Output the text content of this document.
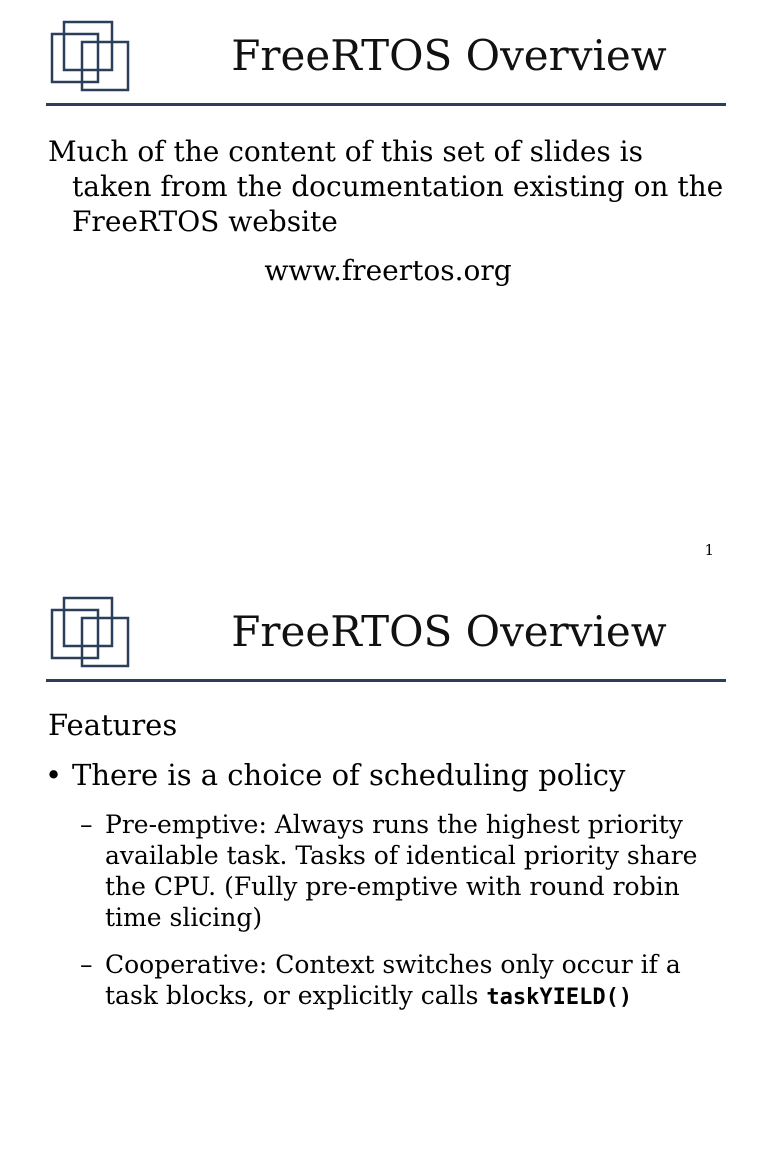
FreeRTOS Overview

Much of the content of this set of slides is taken from the documentation existing on the FreeRTOS website

www.freertos.org

1
FreeRTOS Overview

Features

• There is a choice of scheduling policy
– Pre-emptive: Always runs the highest priority available task. Tasks of identical priority share the CPU. (Fully pre-emptive with round robin time slicing)
– Cooperative: Context switches only occur if a task blocks, or explicitly calls taskYIELD()
